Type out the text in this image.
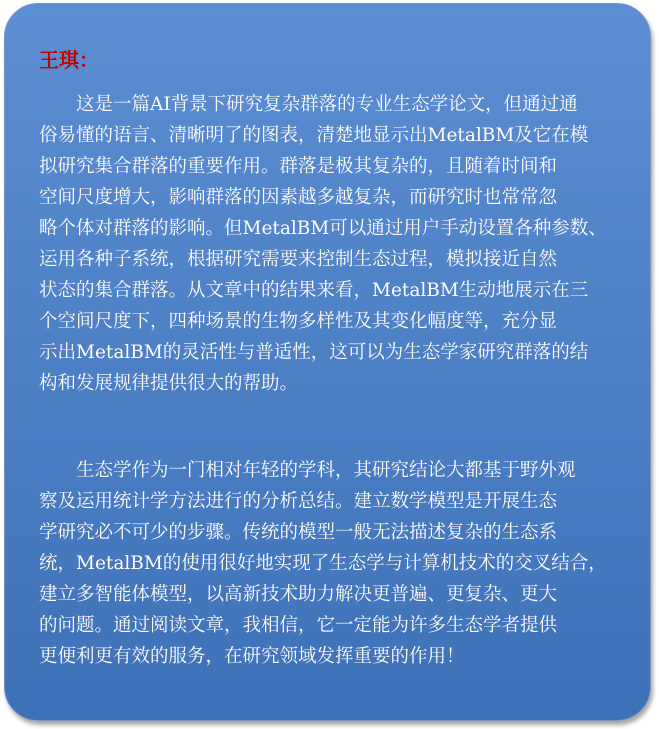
王琪：
　　这是一篇AI背景下研究复杂群落的专业生态学论文，但通过通
俗易懂的语言、清晰明了的图表，清楚地显示出MetalBM及它在模
拟研究集合群落的重要作用。群落是极其复杂的，且随着时间和
空间尺度增大，影响群落的因素越多越复杂，而研究时也常常忽
略个体对群落的影响。但MetalBM可以通过用户手动设置各种参数、
运用各种子系统，根据研究需要来控制生态过程，模拟接近自然
状态的集合群落。从文章中的结果来看，MetalBM生动地展示在三
个空间尺度下，四种场景的生物多样性及其变化幅度等，充分显
示出MetalBM的灵活性与普适性，这可以为生态学家研究群落的结
构和发展规律提供很大的帮助。
　　生态学作为一门相对年轻的学科，其研究结论大都基于野外观
察及运用统计学方法进行的分析总结。建立数学模型是开展生态
学研究必不可少的步骤。传统的模型一般无法描述复杂的生态系
统，MetalBM的使用很好地实现了生态学与计算机技术的交叉结合，
建立多智能体模型，以高新技术助力解决更普遍、更复杂、更大
的问题。通过阅读文章，我相信，它一定能为许多生态学者提供
更便利更有效的服务，在研究领域发挥重要的作用！
